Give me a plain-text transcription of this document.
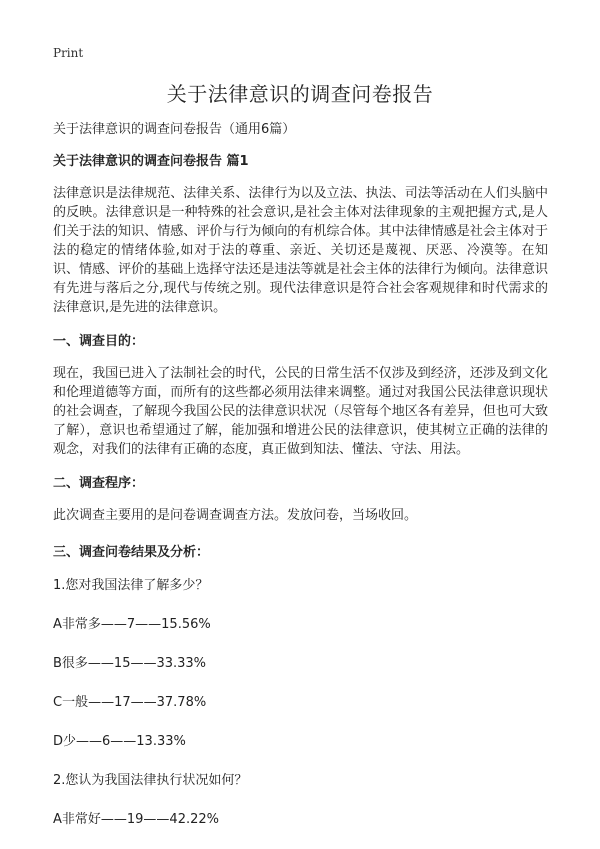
Print
关于法律意识的调查问卷报告

关于法律意识的调查问卷报告（通用6篇）

关于法律意识的调查问卷报告 篇1

法律意识是法律规范、法律关系、法律行为以及立法、执法、司法等活动在人们头脑中的反映。法律意识是一种特殊的社会意识,是社会主体对法律现象的主观把握方式,是人们关于法的知识、情感、评价与行为倾向的有机综合体。其中法律情感是社会主体对于法的稳定的情绪体验,如对于法的尊重、亲近、关切还是蔑视、厌恶、冷漠等。在知识、情感、评价的基础上选择守法还是违法等就是社会主体的法律行为倾向。法律意识有先进与落后之分,现代与传统之别。现代法律意识是符合社会客观规律和时代需求的法律意识,是先进的法律意识。

一、调查目的：

现在，我国已进入了法制社会的时代，公民的日常生活不仅涉及到经济，还涉及到文化和伦理道德等方面，而所有的这些都必须用法律来调整。通过对我国公民法律意识现状的社会调查，了解现今我国公民的法律意识状况（尽管每个地区各有差异，但也可大致了解），意识也希望通过了解，能加强和增进公民的法律意识，使其树立正确的法律的观念，对我们的法律有正确的态度，真正做到知法、懂法、守法、用法。

二、调查程序：

此次调查主要用的是问卷调查调查方法。发放问卷，当场收回。

三、调查问卷结果及分析：

1.您对我国法律了解多少？

A非常多——7——15.56%

B很多——15——33.33%

C一般——17——37.78%

D少——6——13.33%

2.您认为我国法律执行状况如何？

A非常好——19——42.22%
